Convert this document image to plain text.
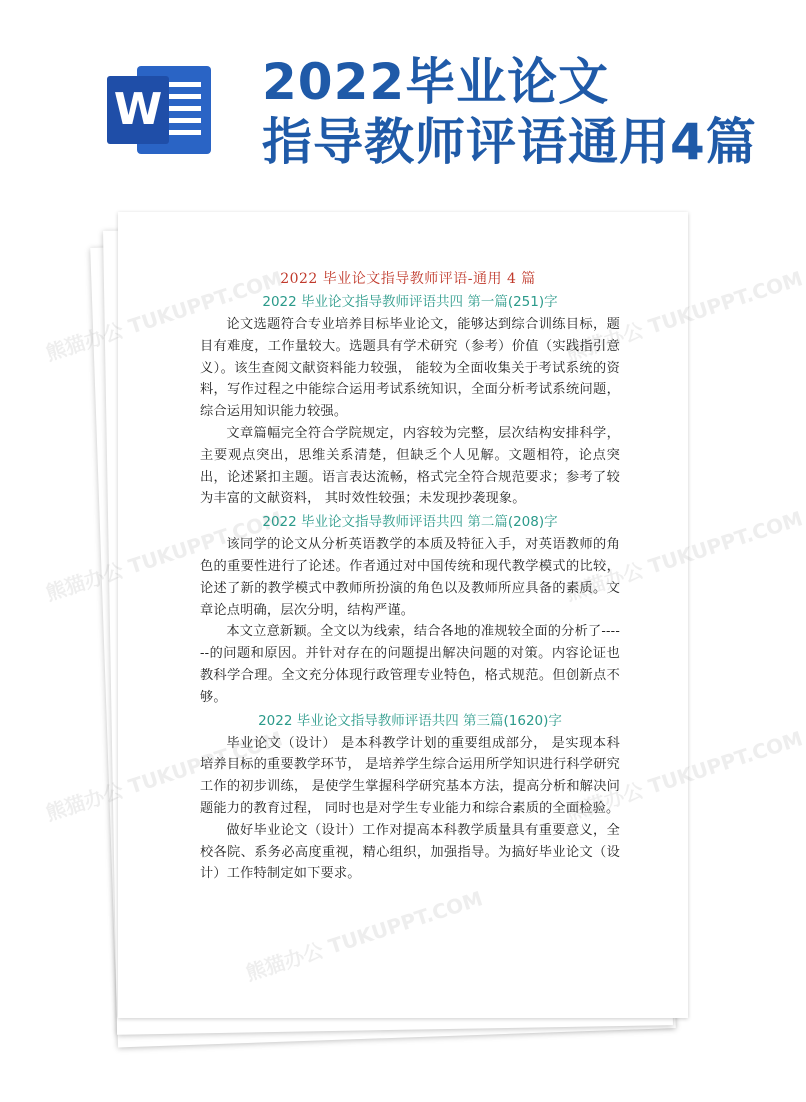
W 2022毕业论文
指导教师评语通用4篇
熊猫办公
TUKUPPT.COM
熊猫办公
TUKUPPT.COM
熊猫办公
TUKUPPT.COM
2022 毕业论文指导教师评语-通用 4 篇
2022 毕业论文指导教师评语共四 第一篇(251)字

论文选题符合专业培养目标毕业论文，能够达到综合训练目标，题目有难度，工作量较大。选题具有学术研究（参考）价值（实践指引意义）。该生查阅文献资料能力较强， 能较为全面收集关于考试系统的资料，写作过程之中能综合运用考试系统知识，全面分析考试系统问题，综合运用知识能力较强。

文章篇幅完全符合学院规定，内容较为完整，层次结构安排科学，主要观点突出，思维关系清楚，但缺乏个人见解。文题相符，论点突出，论述紧扣主题。语言表达流畅，格式完全符合规范要求；参考了较为丰富的文献资料， 其时效性较强；未发现抄袭现象。

2022 毕业论文指导教师评语共四 第二篇(208)字

该同学的论文从分析英语教学的本质及特征入手，对英语教师的角色的重要性进行了论述。作者通过对中国传统和现代教学模式的比较，论述了新的教学模式中教师所扮演的角色以及教师所应具备的素质。文章论点明确，层次分明，结构严谨。

本文立意新颖。全文以为线索，结合各地的准规较全面的分析了------的问题和原因。并针对存在的问题提出解决问题的对策。内容论证也教科学合理。全文充分体现行政管理专业特色，格式规范。但创新点不够。

2022 毕业论文指导教师评语共四 第三篇(1620)字

毕业论文（设计） 是本科教学计划的重要组成部分， 是实现本科培养目标的重要教学环节， 是培养学生综合运用所学知识进行科学研究工作的初步训练， 是使学生掌握科学研究基本方法，提高分析和解决问题能力的教育过程， 同时也是对学生专业能力和综合素质的全面检验。

做好毕业论文（设计）工作对提高本科教学质量具有重要意义，全校各院、系务必高度重视，精心组织，加强指导。为搞好毕业论文（设计）工作特制定如下要求。
